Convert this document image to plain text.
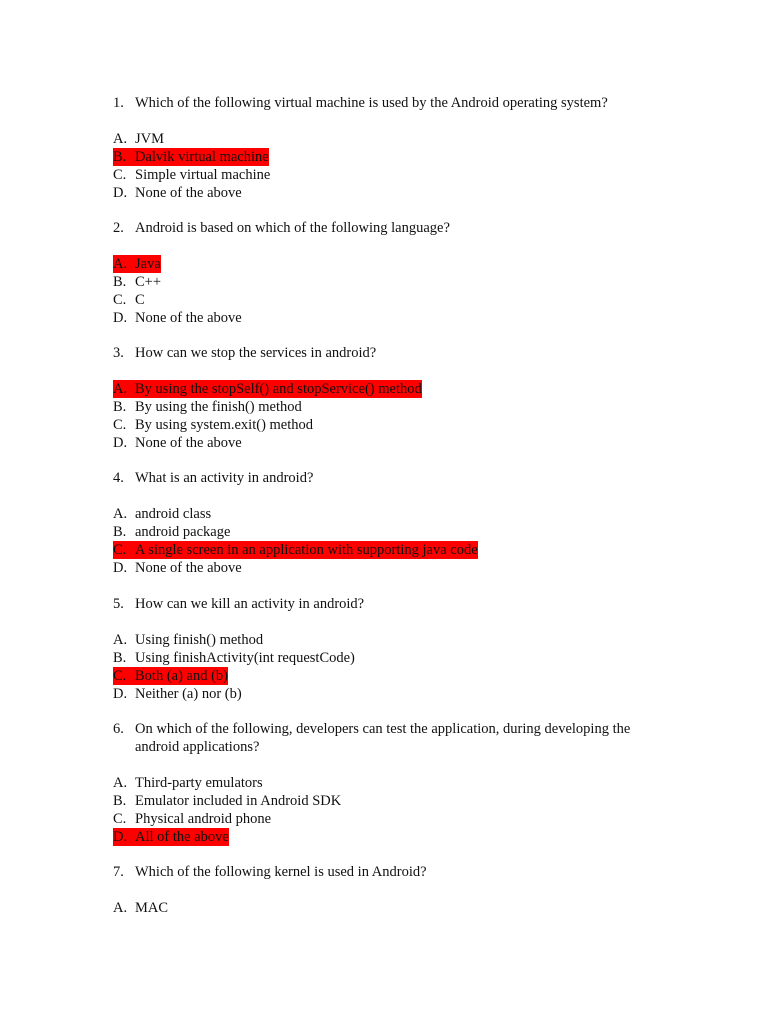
1. Which of the following virtual machine is used by the Android operating system?
A. JVM
B. Dalvik virtual machine
C. Simple virtual machine
D. None of the above
2. Android is based on which of the following language?
A. Java
B. C++
C. C
D. None of the above
3. How can we stop the services in android?
A. By using the stopSelf() and stopService() method
B. By using the finish() method
C. By using system.exit() method
D. None of the above
4. What is an activity in android?
A. android class
B. android package
C. A single screen in an application with supporting java code
D. None of the above
5. How can we kill an activity in android?
A. Using finish() method
B. Using finishActivity(int requestCode)
C. Both (a) and (b)
D. Neither (a) nor (b)
6. On which of the following, developers can test the application, during developing the android applications?
A. Third-party emulators
B. Emulator included in Android SDK
C. Physical android phone
D. All of the above
7. Which of the following kernel is used in Android?
A. MAC
